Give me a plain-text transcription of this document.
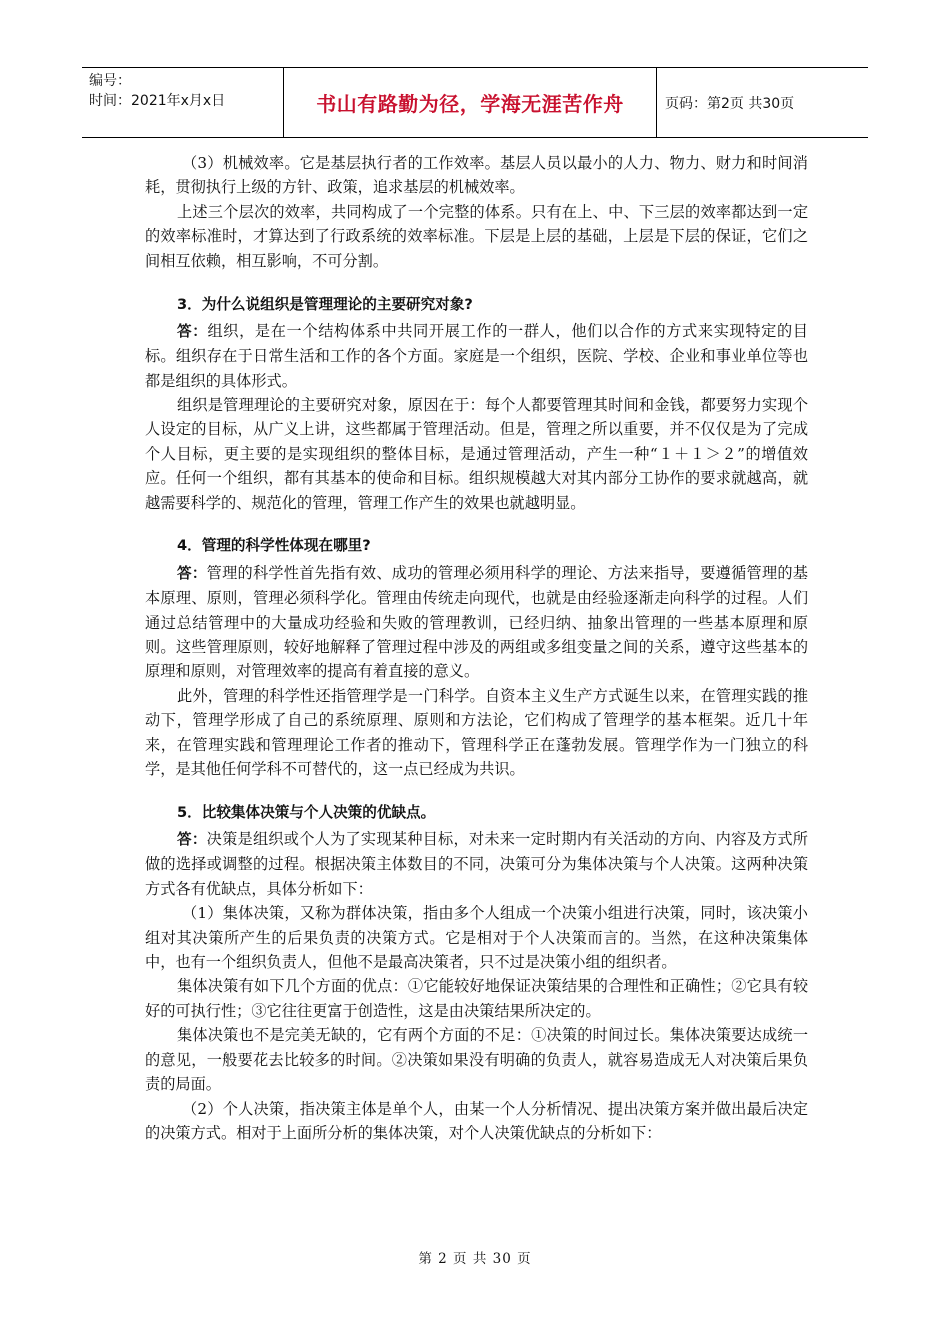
编号：
时间：2021年x月x日	书山有路勤为径，学海无涯苦作舟	页码：第2页 共30页

（3）机械效率。它是基层执行者的工作效率。基层人员以最小的人力、物力、财力和时间消耗，贯彻执行上级的方针、政策，追求基层的机械效率。

上述三个层次的效率，共同构成了一个完整的体系。只有在上、中、下三层的效率都达到一定的效率标准时，才算达到了行政系统的效率标准。下层是上层的基础，上层是下层的保证，它们之间相互依赖，相互影响，不可分割。

3．为什么说组织是管理理论的主要研究对象?

答：组织，是在一个结构体系中共同开展工作的一群人，他们以合作的方式来实现特定的目标。组织存在于日常生活和工作的各个方面。家庭是一个组织，医院、学校、企业和事业单位等也都是组织的具体形式。

组织是管理理论的主要研究对象，原因在于：每个人都要管理其时间和金钱，都要努力实现个人设定的目标，从广义上讲，这些都属于管理活动。但是，管理之所以重要，并不仅仅是为了完成个人目标，更主要的是实现组织的整体目标，是通过管理活动，产生一种“１＋１＞２”的增值效应。任何一个组织，都有其基本的使命和目标。组织规模越大对其内部分工协作的要求就越高，就越需要科学的、规范化的管理，管理工作产生的效果也就越明显。

4．管理的科学性体现在哪里?

答：管理的科学性首先指有效、成功的管理必须用科学的理论、方法来指导，要遵循管理的基本原理、原则，管理必须科学化。管理由传统走向现代，也就是由经验逐渐走向科学的过程。人们通过总结管理中的大量成功经验和失败的管理教训，已经归纳、抽象出管理的一些基本原理和原则。这些管理原则，较好地解释了管理过程中涉及的两组或多组变量之间的关系，遵守这些基本的原理和原则，对管理效率的提高有着直接的意义。

此外，管理的科学性还指管理学是一门科学。自资本主义生产方式诞生以来，在管理实践的推动下，管理学形成了自己的系统原理、原则和方法论，它们构成了管理学的基本框架。近几十年来，在管理实践和管理理论工作者的推动下，管理科学正在蓬勃发展。管理学作为一门独立的科学，是其他任何学科不可替代的，这一点已经成为共识。

5．比较集体决策与个人决策的优缺点。

答：决策是组织或个人为了实现某种目标，对未来一定时期内有关活动的方向、内容及方式所做的选择或调整的过程。根据决策主体数目的不同，决策可分为集体决策与个人决策。这两种决策方式各有优缺点，具体分析如下：

（1）集体决策，又称为群体决策，指由多个人组成一个决策小组进行决策，同时，该决策小组对其决策所产生的后果负责的决策方式。它是相对于个人决策而言的。当然，在这种决策集体中，也有一个组织负责人，但他不是最高决策者，只不过是决策小组的组织者。

集体决策有如下几个方面的优点：①它能较好地保证决策结果的合理性和正确性；②它具有较好的可执行性；③它往往更富于创造性，这是由决策结果所决定的。

集体决策也不是完美无缺的，它有两个方面的不足：①决策的时间过长。集体决策要达成统一的意见，一般要花去比较多的时间。②决策如果没有明确的负责人，就容易造成无人对决策后果负责的局面。

（2）个人决策，指决策主体是单个人，由某一个人分析情况、提出决策方案并做出最后决定的决策方式。相对于上面所分析的集体决策，对个人决策优缺点的分析如下：

第 2 页 共 30 页
